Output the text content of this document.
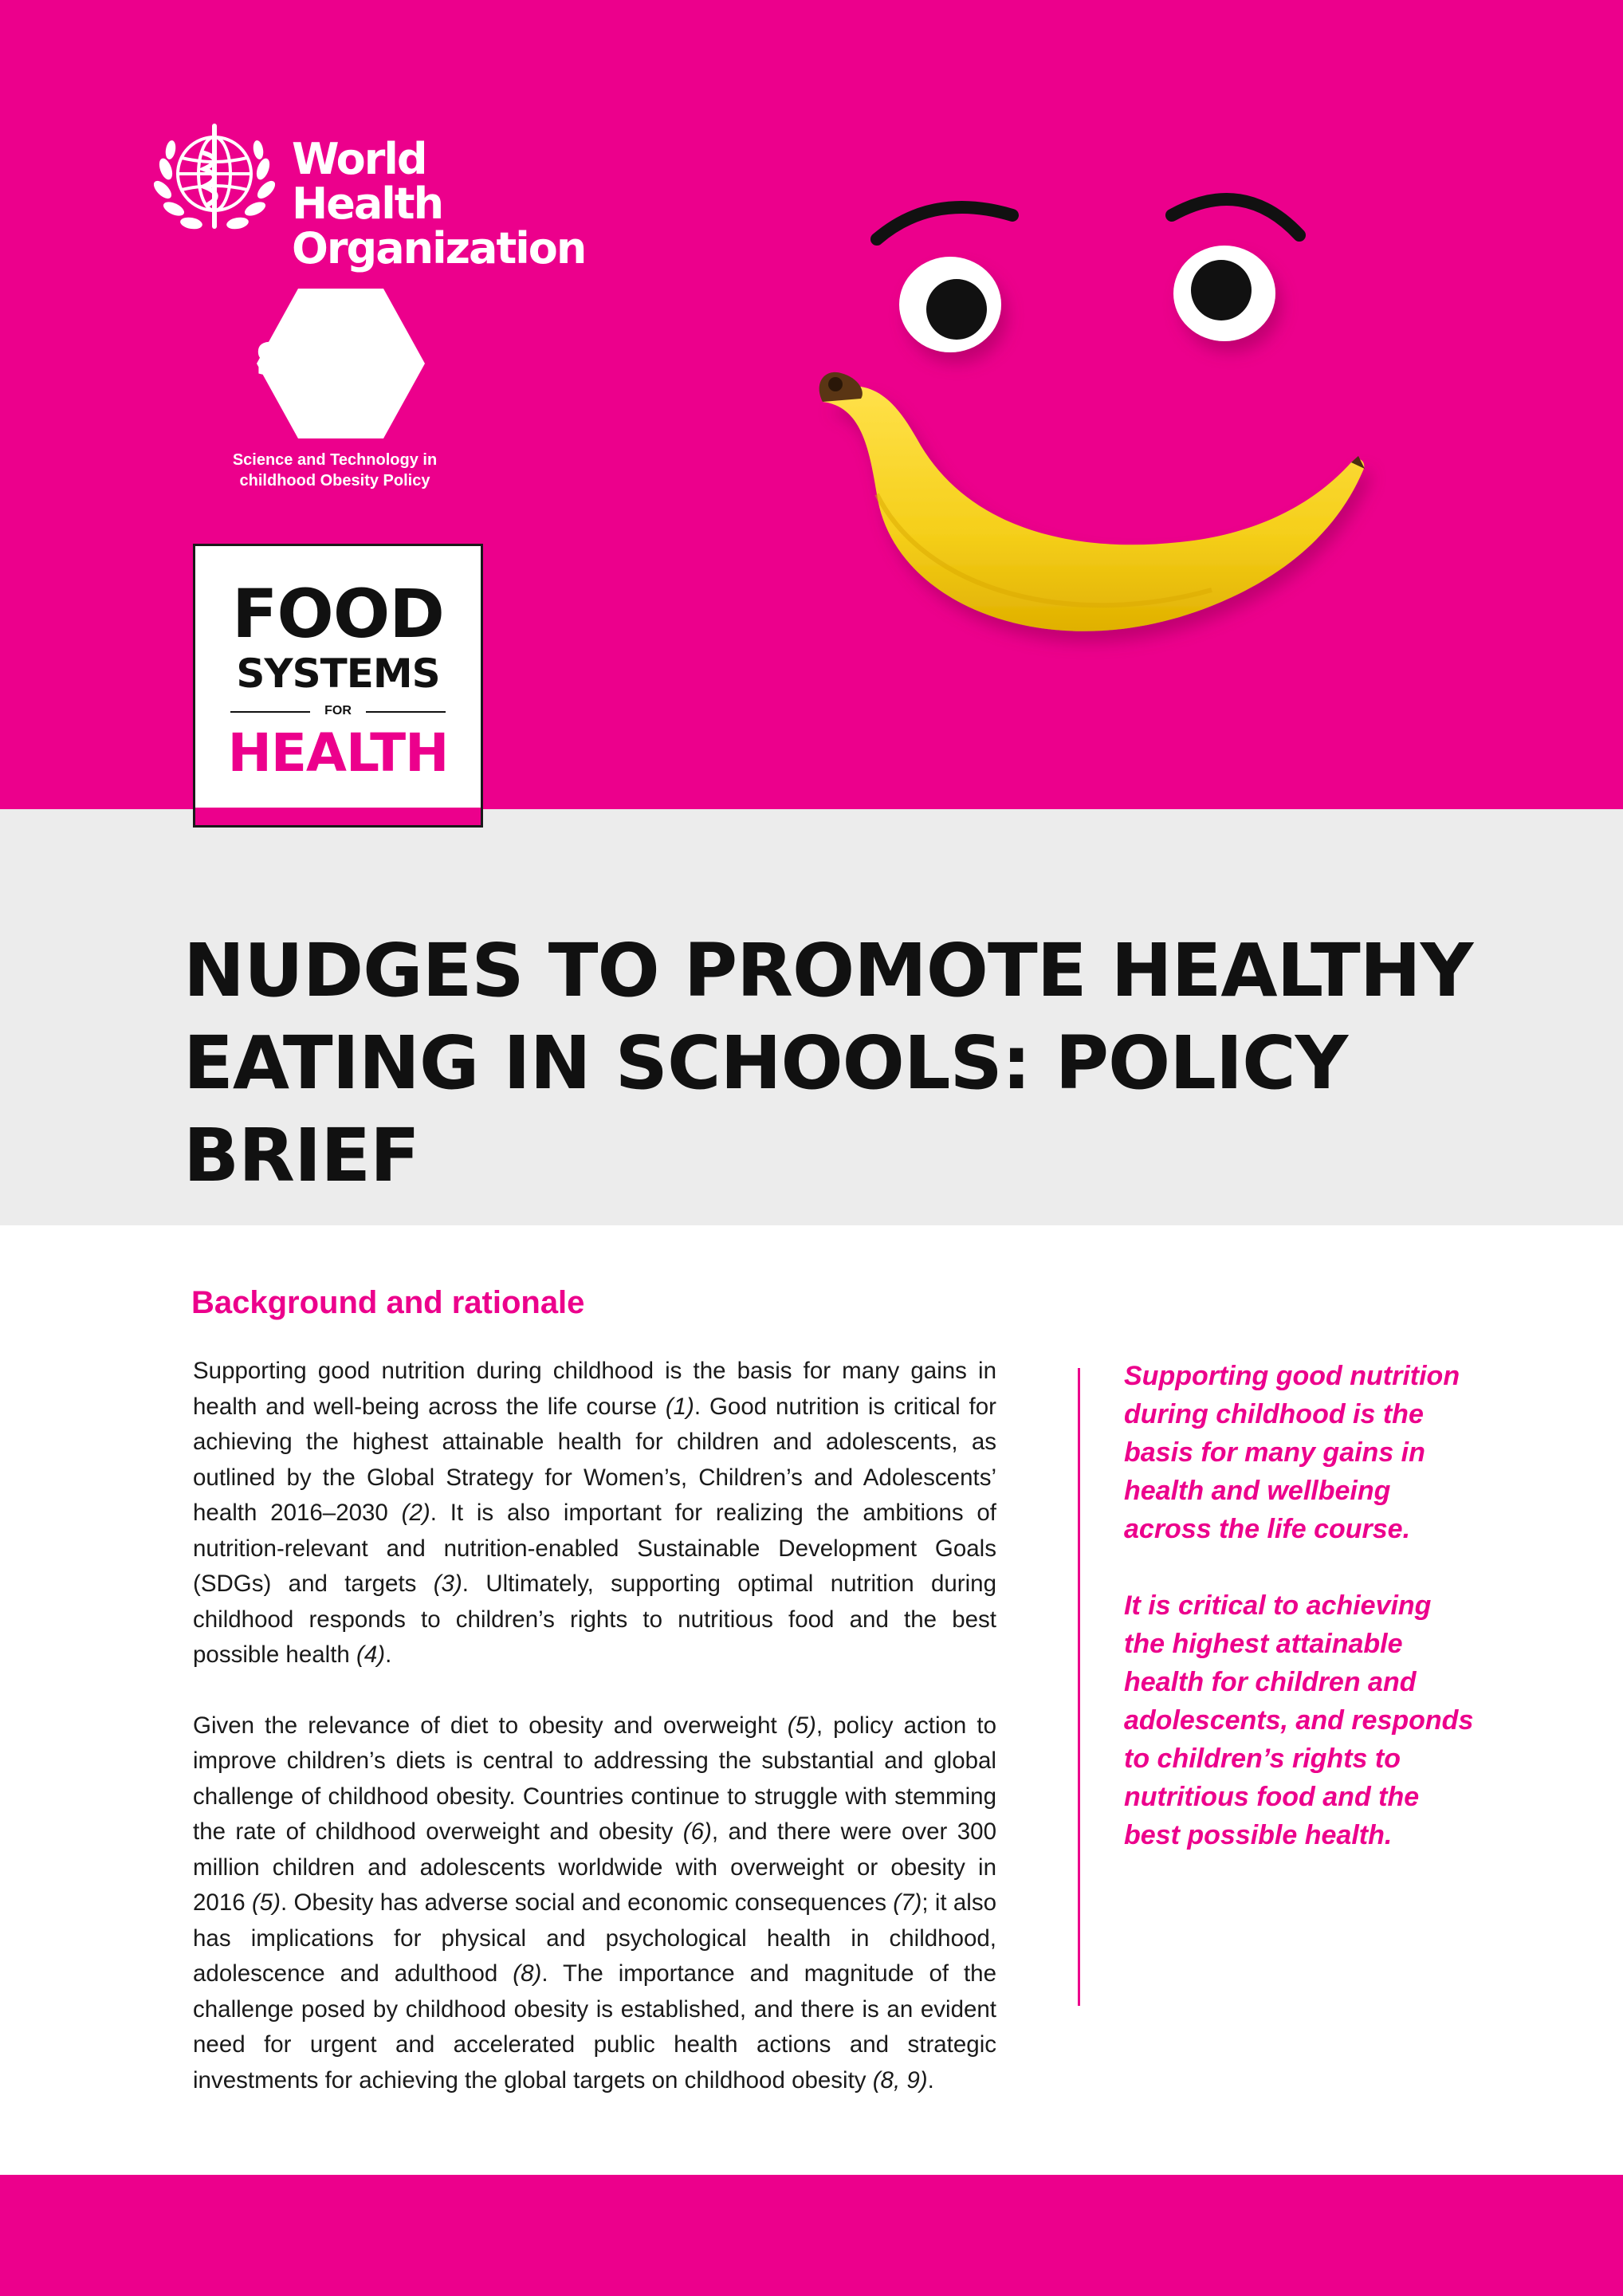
World Health
Organization
stop
Science and Technology in
childhood Obesity Policy
FOOD
SYSTEMS
FOR
HEALTH
NUDGES TO PROMOTE HEALTHY
EATING IN SCHOOLS: POLICY BRIEF
Background and rationale

Supporting good nutrition during childhood is the basis for many gains in health and well-being across the life course (1). Good nutrition is critical for achieving the highest attainable health for children and adolescents, as outlined by the Global Strategy for Women’s, Children’s and Adolescents’ health 2016–2030 (2). It is also important for realizing the ambitions of nutrition-relevant and nutrition-enabled Sustainable Development Goals (SDGs) and targets (3). Ultimately, supporting optimal nutrition during childhood responds to children’s rights to nutritious food and the best possible health (4).

Given the relevance of diet to obesity and overweight (5), policy action to improve children’s diets is central to addressing the substantial and global challenge of childhood obesity. Countries continue to struggle with stemming the rate of childhood overweight and obesity (6), and there were over 300 million children and adolescents worldwide with overweight or obesity in 2016 (5). Obesity has adverse social and economic consequences (7); it also has implications for physical and psychological health in childhood, adolescence and adulthood (8). The importance and magnitude of the challenge posed by childhood obesity is established, and there is an evident need for urgent and accelerated public health actions and strategic investments for achieving the global targets on childhood obesity (8, 9).

Supporting good nutrition during childhood is the basis for many gains in health and wellbeing across the life course.

It is critical to achieving the highest attainable health for children and adolescents, and responds to children’s rights to nutritious food and the best possible health.
